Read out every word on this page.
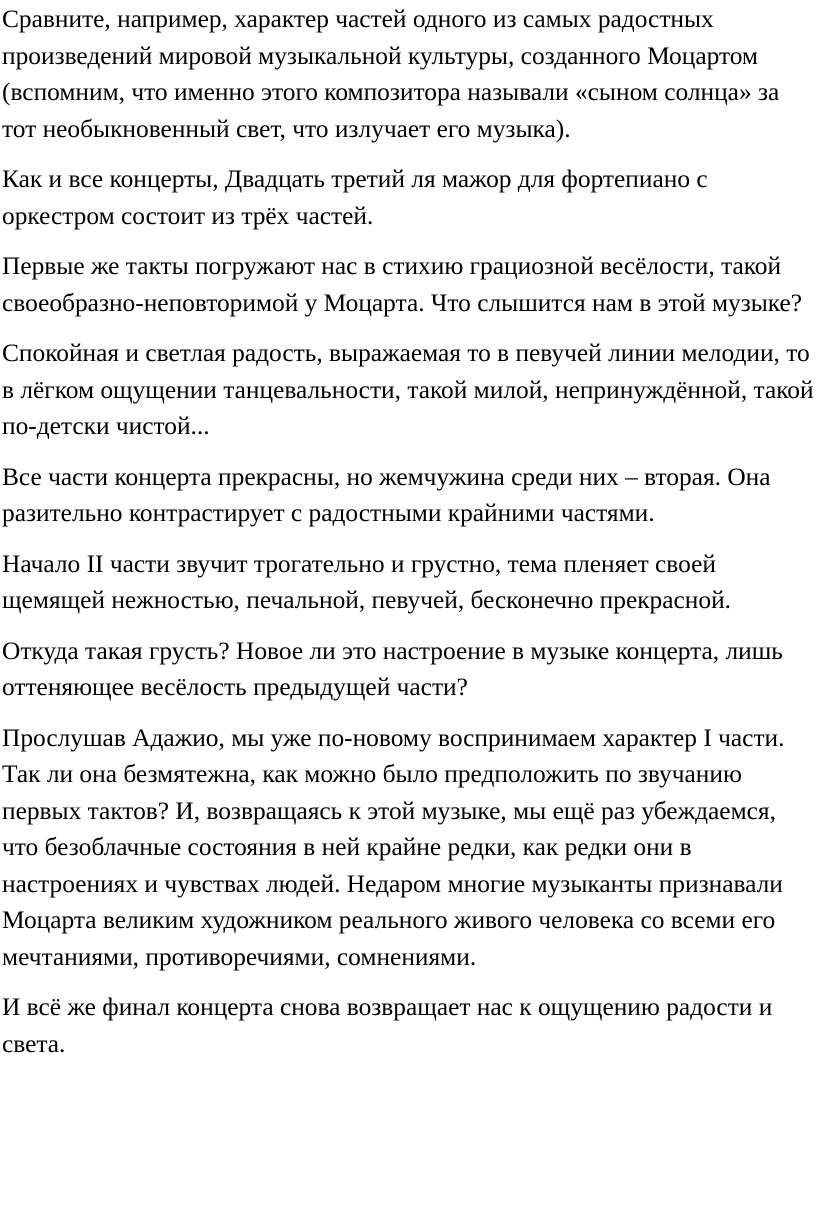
Сравните, например, характер частей одного из самых радостных произведений мировой музыкальной культуры, созданного Моцартом (вспомним, что именно этого композитора называли «сыном солнца» за тот необыкновенный свет, что излучает его музыка).

Как и все концерты, Двадцать третий ля мажор для фортепиано с оркестром состоит из трёх частей.

Первые же такты погружают нас в стихию грациозной весёлости, такой своеобразно-неповторимой у Моцарта. Что слышится нам в этой музыке?

Спокойная и светлая радость, выражаемая то в певучей линии мелодии, то в лёгком ощущении танцевальности, такой милой, непринуждённой, такой по-детски чистой...

Все части концерта прекрасны, но жемчужина среди них – вторая. Она разительно контрастирует с радостными крайними частями.

Начало II части звучит трогательно и грустно, тема пленяет своей щемящей нежностью, печальной, певучей, бесконечно прекрасной.

Откуда такая грусть? Новое ли это настроение в музыке концерта, лишь оттеняющее весёлость предыдущей части?

Прослушав Адажио, мы уже по-новому воспринимаем характер I части. Так ли она безмятежна, как можно было предположить по звучанию первых тактов? И, возвращаясь к этой музыке, мы ещё раз убеждаемся, что безоблачные состояния в ней крайне редки, как редки они в настроениях и чувствах людей. Недаром многие музыканты признавали Моцарта великим художником реального живого человека со всеми его мечтаниями, противоречиями, сомнениями.

И всё же финал концерта снова возвращает нас к ощущению радости и света.
